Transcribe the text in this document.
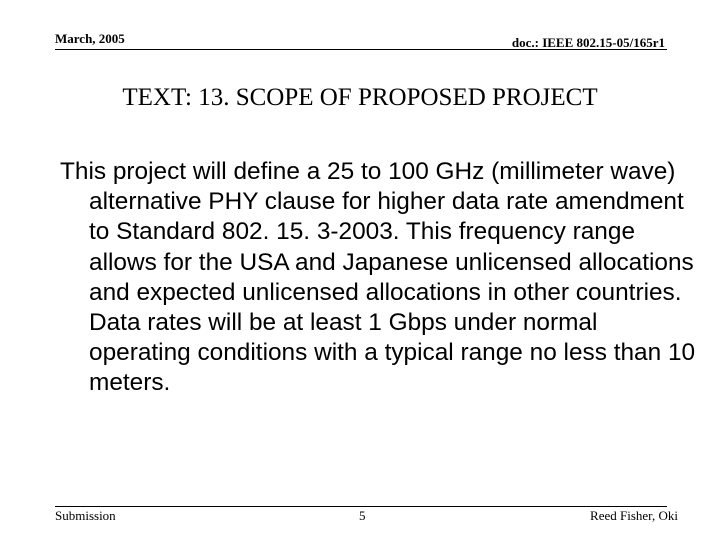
March, 2005	doc.: IEEE 802.15-05/165r1
TEXT: 13. SCOPE OF PROPOSED PROJECT

This project will define a 25 to 100 GHz (millimeter wave) alternative PHY clause for higher data rate amendment to Standard 802. 15. 3-2003. This frequency range allows for the USA and Japanese unlicensed allocations and expected unlicensed allocations in other countries. Data rates will be at least 1 Gbps under normal operating conditions with a typical range no less than 10 meters.

Submission	5	Reed Fisher, Oki
